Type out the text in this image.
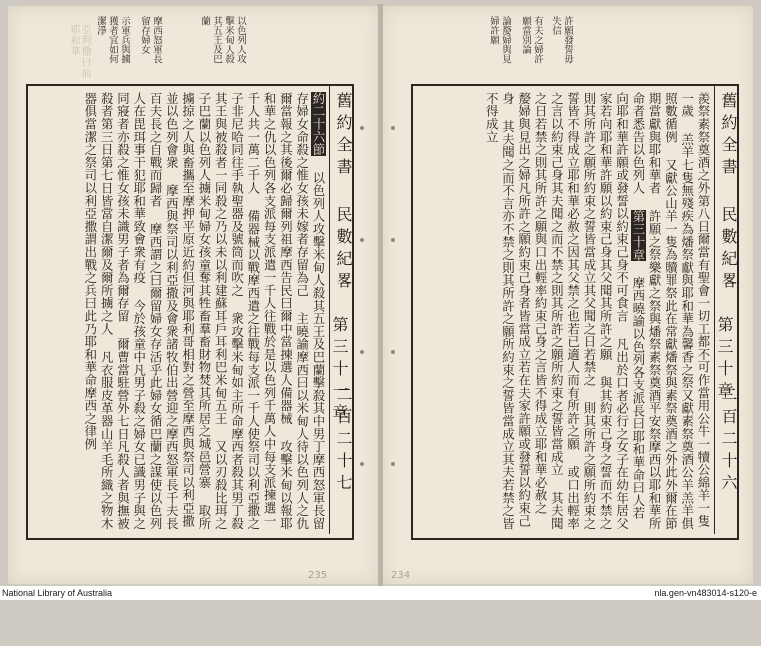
亞利撒曰前耶和華	以色列人攻
擊米甸人殺
其五王及巴
蘭
摩西怒軍長
留存婦女
示軍兵與擄
獲者宜如何
潔淨
舊約全書
民數紀畧
二百二十七
第三十一章
約二十六節 以色列人攻擊米甸人殺其五王及巴蘭擊殺其中男丁摩西怒軍長留存婦女命殺之惟女孩未嫁者存留為己 主曉諭摩西曰以米甸人待以色列人之仇爾當報之其後爾必歸爾列祖摩西告民曰爾中當揀選人備器械 攻擊米甸以報耶和華之仇以色列各支派每支派遣一千人往戰於是以色列千萬人中每支派揀選一千人共一萬二千人 備器械以戰摩西遣之往戰每支派一千人使祭司以利亞撒之子非尼哈同往手執聖器及號筒而吹之 衆攻擊米甸如主所命摩西者殺其男丁殺其王與被殺者一同殺之乃以未以利建蘇耳戶耳利巴米甸五王 又以刃殺比珥之子巴蘭以色列人擄米甸婦女孩童奪其牲畜羣畜財物焚其所居之城邑營寨 取所擄掠之人與畜攜至摩押平原近約但河與耶利哥相對之營至摩西與祭司以利亞撒並以色列會衆 摩西與祭司以利亞撒及會衆諸牧伯出營迎之摩西怒軍長千夫長百夫長之自戰而歸者 摩西謂之曰爾留婦女存活乎此婦女循巴蘭之謀使以色列人在毘珥事干犯耶和華致會衆有疫 今於孩童中凡男子殺之婦女已識男子與之同寢者亦殺之惟女孩未識男子者為爾存留 爾曹當駐營外七日凡殺人者與撫被殺者第三日第七日皆當自潔爾及爾所擄之人 凡衣服皮革器山羊毛所織之物木器俱當潔之祭司以利亞撒謂出戰之兵曰此乃耶和華命摩西之律例
235
許願發誓毋
失信
有夫之婦許
願當別論
論嫠婦與見
婦許願
舊約全書
民數紀畧
二百二十六
第三十章
羨祭素祭奠酒之外第八日爾當有聖會一切工都不可作當用公牛一犢公綿羊一隻一歲 羔羊七隻無殘疾為燔祭獻與耶和華為馨香之祭又獻素祭奠酒公羊羔羊俱照數循例 又獻公山羊一隻為贖罪祭此在常獻燔祭與素祭奠酒之外此外爾在節期當獻與耶和華者 許願之祭樂獻之祭與燔祭素祭奠酒平安祭摩西以耶和華所命者悉告以色列人 第三十章 摩西曉諭以色列各支派長曰耶和華命曰人若向耶和華許願或發誓以約束己身不可食言 凡出於口者必行之女子在幼年居父家若向耶和華許願以約束己身其父聞其所許之願 與其約束己身之誓而不禁之則其所許之願所約束之誓皆當成立其父聞之日若禁之 則其所許之願所約束之誓皆不得成立耶和華必赦之因其父禁之也若已適人而有所許之願 或口出輕率之言以約束己身其夫聞之而不禁之則其所許之願所約束之誓皆當成立 其夫聞之日若禁之則其所許之願與口出輕率約束己身之言皆不得成立耶和華必赦之 嫠婦與見出之婦凡所許之願約束己身者皆當成立若在夫家許願或發誓以約束己身 其夫聞之而不言亦不禁之則其所許之願所約束之誓皆當成立其夫若禁之皆不得成立
234
National Library of Australia	nla.gen-vn483014-s120-e
